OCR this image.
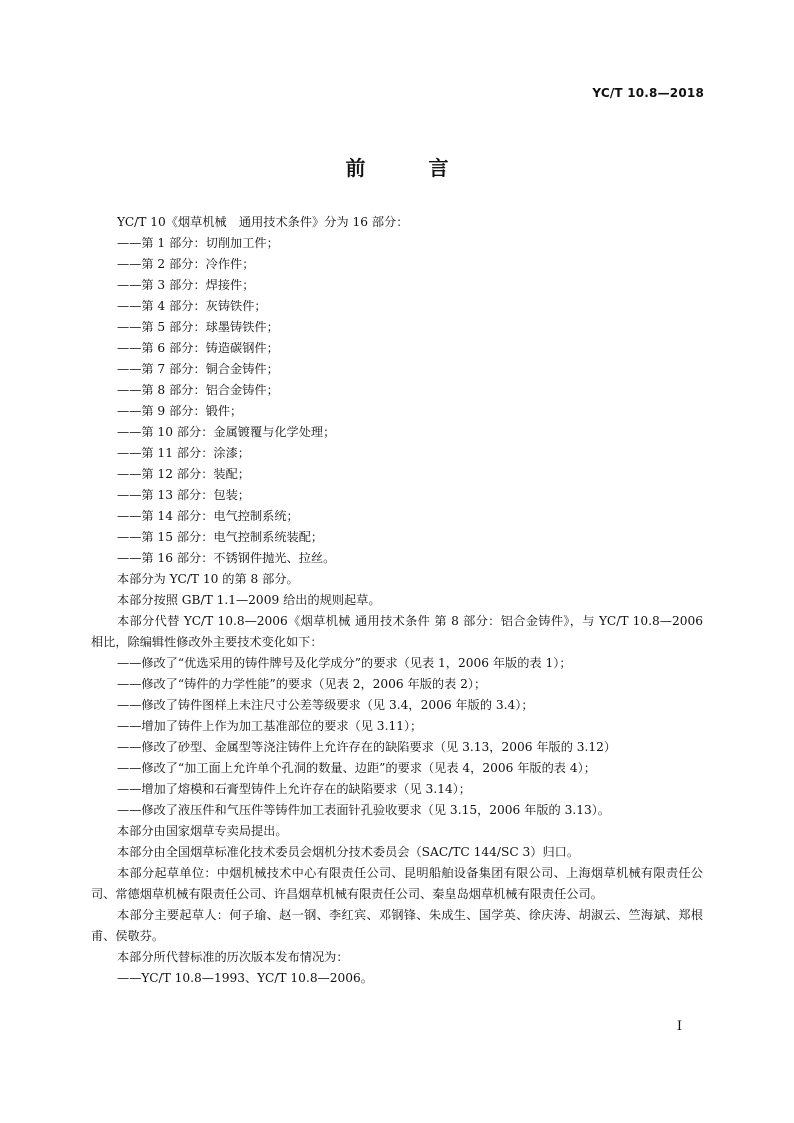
YC/T 10.8—2018
前 言

YC/T 10《烟草机械　通用技术条件》分为 16 部分：

——第 1 部分：切削加工件；

——第 2 部分：冷作件；

——第 3 部分：焊接件；

——第 4 部分：灰铸铁件；

——第 5 部分：球墨铸铁件；

——第 6 部分：铸造碳钢件；

——第 7 部分：铜合金铸件；

——第 8 部分：铝合金铸件；

——第 9 部分：锻件；

——第 10 部分：金属镀覆与化学处理；

——第 11 部分：涂漆；

——第 12 部分：装配；

——第 13 部分：包装；

——第 14 部分：电气控制系统；

——第 15 部分：电气控制系统装配；

——第 16 部分：不锈钢件抛光、拉丝。

本部分为 YC/T 10 的第 8 部分。

本部分按照 GB/T 1.1—2009 给出的规则起草。

本部分代替 YC/T 10.8—2006《烟草机械 通用技术条件 第 8 部分：铝合金铸件》，与 YC/T 10.8—2006 相比，除编辑性修改外主要技术变化如下：

——修改了“优选采用的铸件牌号及化学成分”的要求（见表 1，2006 年版的表 1）；

——修改了“铸件的力学性能”的要求（见表 2，2006 年版的表 2）；

——修改了铸件图样上未注尺寸公差等级要求（见 3.4，2006 年版的 3.4）；

——增加了铸件上作为加工基准部位的要求（见 3.11）；

——修改了砂型、金属型等浇注铸件上允许存在的缺陷要求（见 3.13，2006 年版的 3.12）

——修改了“加工面上允许单个孔洞的数量、边距”的要求（见表 4，2006 年版的表 4）；

——增加了熔模和石膏型铸件上允许存在的缺陷要求（见 3.14）；

——修改了液压件和气压件等铸件加工表面针孔验收要求（见 3.15，2006 年版的 3.13）。

本部分由国家烟草专卖局提出。

本部分由全国烟草标准化技术委员会烟机分技术委员会（SAC/TC 144/SC 3）归口。

本部分起草单位：中烟机械技术中心有限责任公司、昆明船舶设备集团有限公司、上海烟草机械有限责任公司、常德烟草机械有限责任公司、许昌烟草机械有限责任公司、秦皇岛烟草机械有限责任公司。

本部分主要起草人：何子瑜、赵一钢、李红宾、邓钢锋、朱成生、国学英、徐庆涛、胡淑云、竺海斌、郑根甫、侯敬芬。

本部分所代替标准的历次版本发布情况为：

——YC/T 10.8—1993、YC/T 10.8—2006。

I
